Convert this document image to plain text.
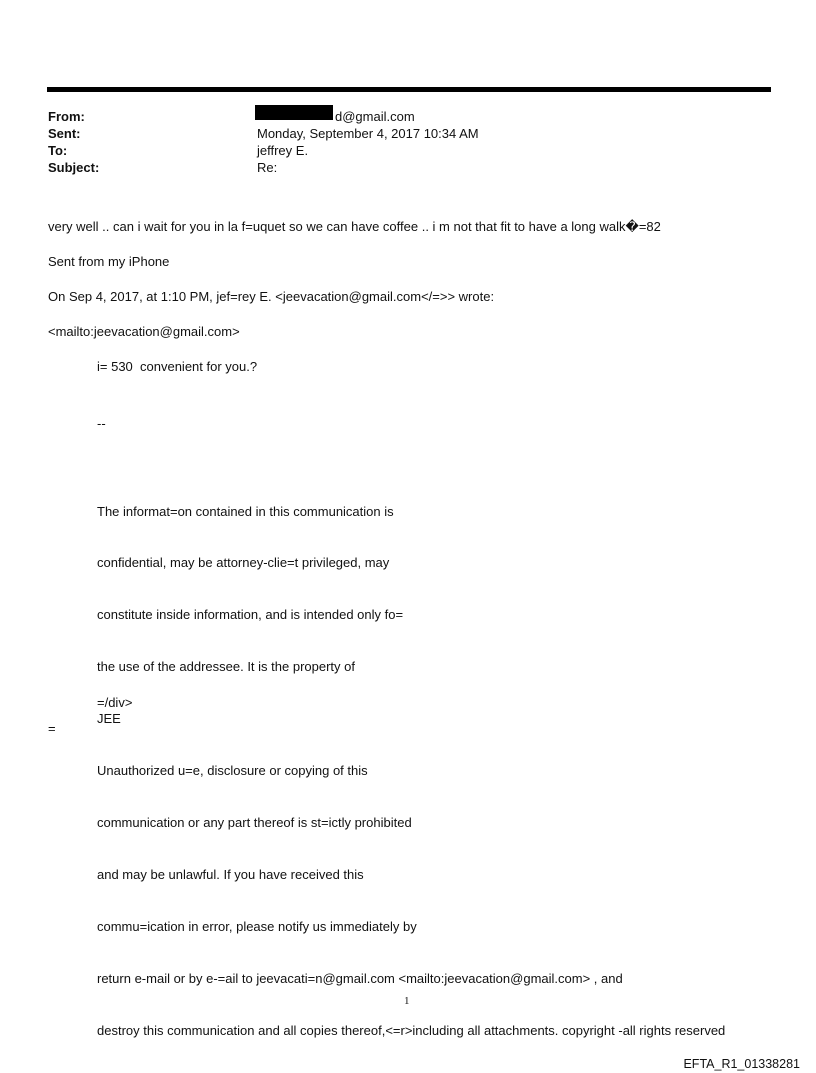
From:	d@gmail.com
Sent:	Monday, September 4, 2017 10:34 AM
To:	jeffrey E.
Subject:	Re:
very well .. can i wait for you in la f=uquet so we can have coffee .. i m not that fit to have a long walk�=82
Sent from my iPhone
On Sep 4, 2017, at 1:10 PM, jef=rey E. <jeevacation@gmail.com</=>> wrote:
<mailto:jeevacation@gmail.com>
i= 530  convenient for you.?
--

The informat=on contained in this communication is

confidential, may be attorney-clie=t privileged, may

constitute inside information, and is intended only fo=

the use of the addressee. It is the property of

JEE

Unauthorized u=e, disclosure or copying of this

communication or any part thereof is st=ictly prohibited

and may be unlawful. If you have received this

commu=ication in error, please notify us immediately by

return e-mail or by e-=ail to jeevacati=n@gmail.com <mailto:jeevacation@gmail.com> , and

destroy this communication and all copies thereof,<=r>including all attachments. copyright -all rights reserved

=/div>
=
1
EFTA_R1_01338281
